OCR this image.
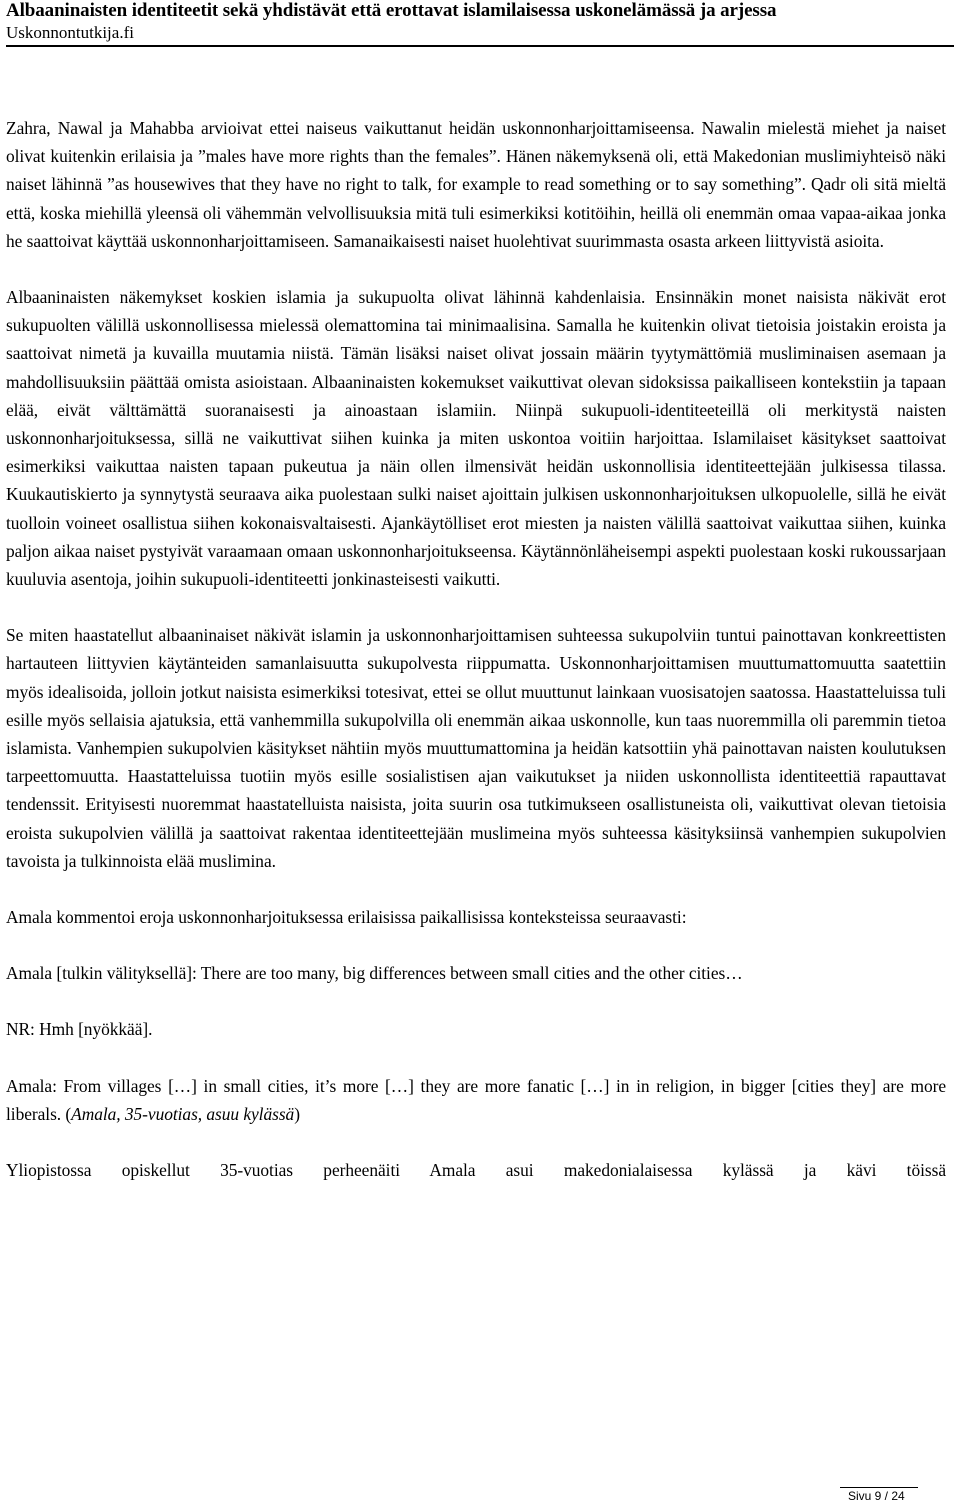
Albaaninaisten identiteetit sekä yhdistävät että erottavat islamilaisessa uskonelämässä ja arjessa
Uskonnontutkija.fi

Zahra, Nawal ja Mahabba arvioivat ettei naiseus vaikuttanut heidän uskonnonharjoittamiseensa. Nawalin mielestä miehet ja naiset olivat kuitenkin erilaisia ja ”males have more rights than the females”. Hänen näkemyksenä oli, että Makedonian muslimiyhteisö näki naiset lähinnä ”as housewives that they have no right to talk, for example to read something or to say something”. Qadr oli sitä mieltä että, koska miehillä yleensä oli vähemmän velvollisuuksia mitä tuli esimerkiksi kotitöihin, heillä oli enemmän omaa vapaa-aikaa jonka he saattoivat käyttää uskonnonharjoittamiseen. Samanaikaisesti naiset huolehtivat suurimmasta osasta arkeen liittyvistä asioita.

Albaaninaisten näkemykset koskien islamia ja sukupuolta olivat lähinnä kahdenlaisia. Ensinnäkin monet naisista näkivät erot sukupuolten välillä uskonnollisessa mielessä olemattomina tai minimaalisina. Samalla he kuitenkin olivat tietoisia joistakin eroista ja saattoivat nimetä ja kuvailla muutamia niistä. Tämän lisäksi naiset olivat jossain määrin tyytymättömiä musliminaisen asemaan ja mahdollisuuksiin päättää omista asioistaan. Albaaninaisten kokemukset vaikuttivat olevan sidoksissa paikalliseen kontekstiin ja tapaan elää, eivät välttämättä suoranaisesti ja ainoastaan islamiin. Niinpä sukupuoli-identiteeteillä oli merkitystä naisten uskonnonharjoituksessa, sillä ne vaikuttivat siihen kuinka ja miten uskontoa voitiin harjoittaa. Islamilaiset käsitykset saattoivat esimerkiksi vaikuttaa naisten tapaan pukeutua ja näin ollen ilmensivät heidän uskonnollisia identiteettejään julkisessa tilassa. Kuukautiskierto ja synnytystä seuraava aika puolestaan sulki naiset ajoittain julkisen uskonnonharjoituksen ulkopuolelle, sillä he eivät tuolloin voineet osallistua siihen kokonaisvaltaisesti. Ajankäytölliset erot miesten ja naisten välillä saattoivat vaikuttaa siihen, kuinka paljon aikaa naiset pystyivät varaamaan omaan uskonnonharjoitukseensa. Käytännönläheisempi aspekti puolestaan koski rukoussarjaan kuuluvia asentoja, joihin sukupuoli-identiteetti jonkinasteisesti vaikutti.

Se miten haastatellut albaaninaiset näkivät islamin ja uskonnonharjoittamisen suhteessa sukupolviin tuntui painottavan konkreettisten hartauteen liittyvien käytänteiden samanlaisuutta sukupolvesta riippumatta. Uskonnonharjoittamisen muuttumattomuutta saatettiin myös idealisoida, jolloin jotkut naisista esimerkiksi totesivat, ettei se ollut muuttunut lainkaan vuosisatojen saatossa. Haastatteluissa tuli esille myös sellaisia ajatuksia, että vanhemmilla sukupolvilla oli enemmän aikaa uskonnolle, kun taas nuoremmilla oli paremmin tietoa islamista. Vanhempien sukupolvien käsitykset nähtiin myös muuttumattomina ja heidän katsottiin yhä painottavan naisten koulutuksen tarpeettomuutta. Haastatteluissa tuotiin myös esille sosialistisen ajan vaikutukset ja niiden uskonnollista identiteettiä rapauttavat tendenssit. Erityisesti nuoremmat haastatelluista naisista, joita suurin osa tutkimukseen osallistuneista oli, vaikuttivat olevan tietoisia eroista sukupolvien välillä ja saattoivat rakentaa identiteettejään muslimeina myös suhteessa käsityksiinsä vanhempien sukupolvien tavoista ja tulkinnoista elää muslimina.

Amala kommentoi eroja uskonnonharjoituksessa erilaisissa paikallisissa konteksteissa seuraavasti:

Amala [tulkin välityksellä]: There are too many, big differences between small cities and the other cities…

NR: Hmh [nyökkää].

Amala: From villages […] in small cities, it’s more […] they are more fanatic […] in in religion, in bigger [cities they] are more liberals. (Amala, 35-vuotias, asuu kylässä)

Yliopistossa opiskellut 35-vuotias perheenäiti Amala asui makedonialaisessa kylässä ja kävi töissä

Sivu 9 / 24
